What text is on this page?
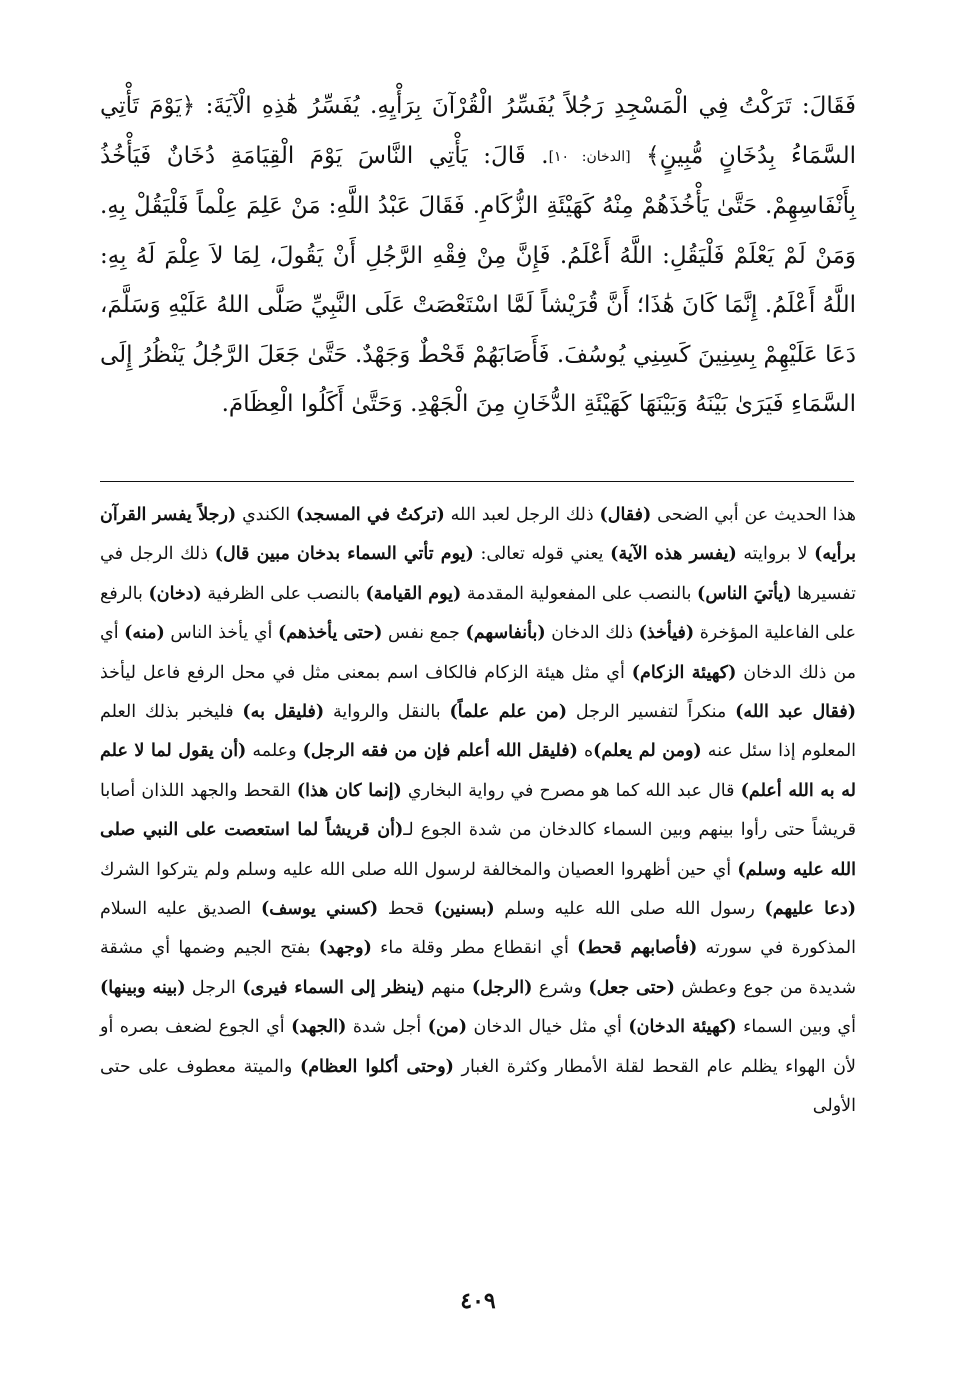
فَقَالَ: تَرَكْتُ فِي الْمَسْجِدِ رَجُلاً يُفَسِّرُ الْقُرْآنَ بِرَأْيِهِ. يُفَسِّرُ هَٰذِهِ الْآيَةَ: ﴿يَوْمَ تَأْتِي السَّمَاءُ بِدُخَانٍ مُّبِينٍ﴾ [الدخان: ١٠]. قَالَ: يَأْتِي النَّاسَ يَوْمَ الْقِيَامَةِ دُخَانٌ فَيَأْخُذُ بِأَنْفَاسِهِمْ. حَتَّىٰ يَأْخُذَهُمْ مِنْهُ كَهَيْئَةِ الزُّكَامِ. فَقَالَ عَبْدُ اللَّهِ: مَنْ عَلِمَ عِلْماً فَلْيَقُلْ بِهِ. وَمَنْ لَمْ يَعْلَمْ فَلْيَقُلِ: اللَّهُ أَعْلَمُ. فَإِنَّ مِنْ فِقْهِ الرَّجُلِ أَنْ يَقُولَ، لِمَا لاَ عِلْمَ لَهُ بِهِ: اللَّهُ أَعْلَمُ. إِنَّمَا كَانَ هَٰذَا؛ أَنَّ قُرَيْشاً لَمَّا اسْتَعْصَتْ عَلَى النَّبِيِّ صَلَّى اللهُ عَلَيْهِ وَسَلَّمَ، دَعَا عَلَيْهِمْ بِسِنِينَ كَسِنِي يُوسُفَ. فَأَصَابَهُمْ قَحْطٌ وَجَهْدٌ. حَتَّىٰ جَعَلَ الرَّجُلُ يَنْظُرُ إِلَى السَّمَاءِ فَيَرَىٰ بَيْنَهُ وَبَيْنَهَا كَهَيْئَةِ الدُّخَانِ مِنَ الْجَهْدِ. وَحَتَّىٰ أَكَلُوا الْعِظَامَ.

هذا الحديث عن أبي الضحى (فقال) ذلك الرجل لعبد الله (تركتُ في المسجد) الكندي (رجلاً يفسر القرآن برأيه) لا بروايته (يفسر هذه الآية) يعني قوله تعالى: (يوم تأتي السماء بدخان مبين قال) ذلك الرجل في تفسيرها (يأتيَ الناس) بالنصب على المفعولية المقدمة (يوم القيامة) بالنصب على الظرفية (دخان) بالرفع على الفاعلية المؤخرة (فيأخذ) ذلك الدخان (بأنفاسهم) جمع نفس (حتى يأخذهم) أي يأخذ الناس (منه) أي من ذلك الدخان (كهيئة الزكام) أي مثل هيئة الزكام فالكاف اسم بمعنى مثل في محل الرفع فاعل ليأخذ (فقال عبد الله) منكراً لتفسير الرجل (من علم علماً) بالنقل والرواية (فليقل به) فليخبر بذلك العلم المعلوم إذا سئل عنه (ومن لم يعلم)ه (فليقل الله أعلم فإن من فقه الرجل) وعلمه (أن يقول لما لا علم له به الله أعلم) قال عبد الله كما هو مصرح في رواية البخاري (إنما كان هذا) القحط والجهد اللذان أصابا قريشاً حتى رأوا بينهم وبين السماء كالدخان من شدة الجوع لـ(أن قريشاً لما استعصت على النبي صلى الله عليه وسلم) أي حين أظهروا العصيان والمخالفة لرسول الله صلى الله عليه وسلم ولم يتركوا الشرك (دعا عليهم) رسول الله صلى الله عليه وسلم (بسنين) قحط (كسني يوسف) الصديق عليه السلام المذكورة في سورته (فأصابهم قحط) أي انقطاع مطر وقلة ماء (وجهد) بفتح الجيم وضمها أي مشقة شديدة من جوع وعطش (حتى جعل) وشرع (الرجل) منهم (ينظر إلى السماء فيرى) الرجل (بينه وبينها) أي وبين السماء (كهيئة الدخان) أي مثل خيال الدخان (من) أجل شدة (الجهد) أي الجوع لضعف بصره أو لأن الهواء يظلم عام القحط لقلة الأمطار وكثرة الغبار (وحتى أكلوا العظام) والميتة معطوف على حتى الأولى

٤٠٩
